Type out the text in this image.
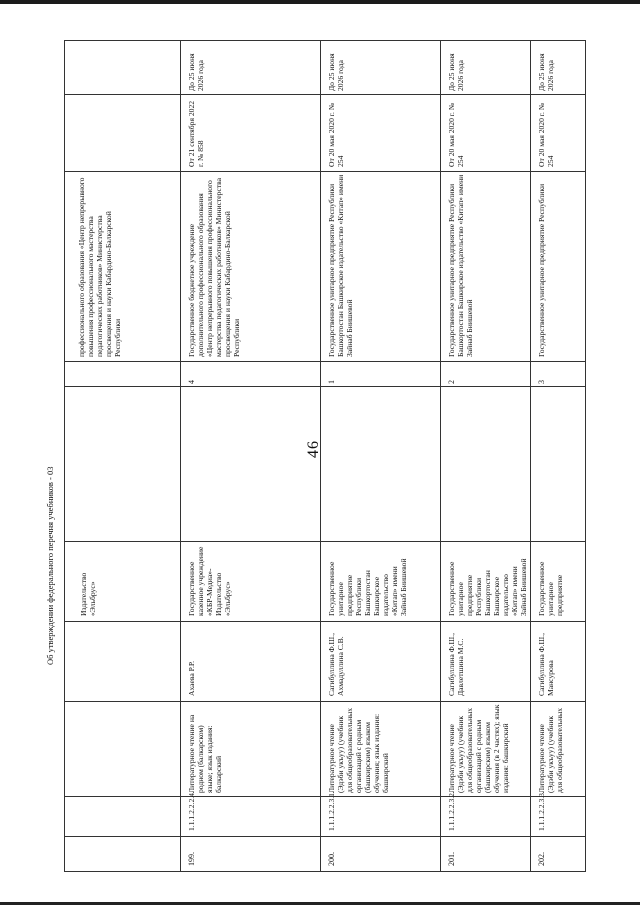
46
Об утверждении федерального перечня учебников - 03
профессионального образования «Центр непрерывного повышения профессионального мастерства педагогических работников» Министерства просвещения и науки Кабардино-Балкарской Республики
Издательство «Эльбрус»
199.
1.1.1.2.2.2.4.
Литературное чтение на родном (балкарском) языке; язык издания: балкарский
Ахаева Р.Р.
Государственное казенное учреждение «КБР-Медиа»- Издательство «Эльбрус»
4
Государственное бюджетное учреждение дополнительного профессионального образования «Центр непрерывного повышения профессионального мастерства педагогических работников» Министерства просвещения и науки Кабардино-Балкарской Республики
От 21 сентября 2022 г. № 858
До 25 июня 2026 года
200.
1.1.1.2.2.3.1.
Литературное чтение (Эдэби укъуу) (учебник для общеобразовательных организаций с родным (башкирским) языком обучения; язык издания: башкирский
Сагибуллина Ф.Ш., Ахмадуллина С.В.
Государственное унитарное предприятие Республики Башкортостан Башкирское издательство «Китап» имени Зайнаб Биишевой
1
Государственное унитарное предприятие Республики Башкортостан Башкирское издательство «Китап» имени Зайнаб Биишевой
От 20 мая 2020 г. № 254
До 25 июня 2026 года
201.
1.1.1.2.2.3.2.
Литературное чтение (Эдэби укъуу) (учебник для общеобразовательных организаций с родным (башкирским) языком обучения (в 2 частях); язык издания: башкирский
Сагибуллина Ф.Ш., Давлетшина М.С.
Государственное унитарное предприятие Республики Башкортостан Башкирское издательство «Китап» имени Зайнаб Биишевой
2
Государственное унитарное предприятие Республики Башкортостан Башкирское издательство «Китап» имени Зайнаб Биишевой
От 20 мая 2020 г. № 254
До 25 июня 2026 года
202.
1.1.1.2.2.3.3.
Литературное чтение (Эдэби укъуу) (учебник для общеобразовательных
Сагибуллина Ф.Ш., Мансурова
Государственное унитарное предприятие
3
Государственное унитарное предприятие Республики
От 20 мая 2020 г. № 254
До 25 июня 2026 года
